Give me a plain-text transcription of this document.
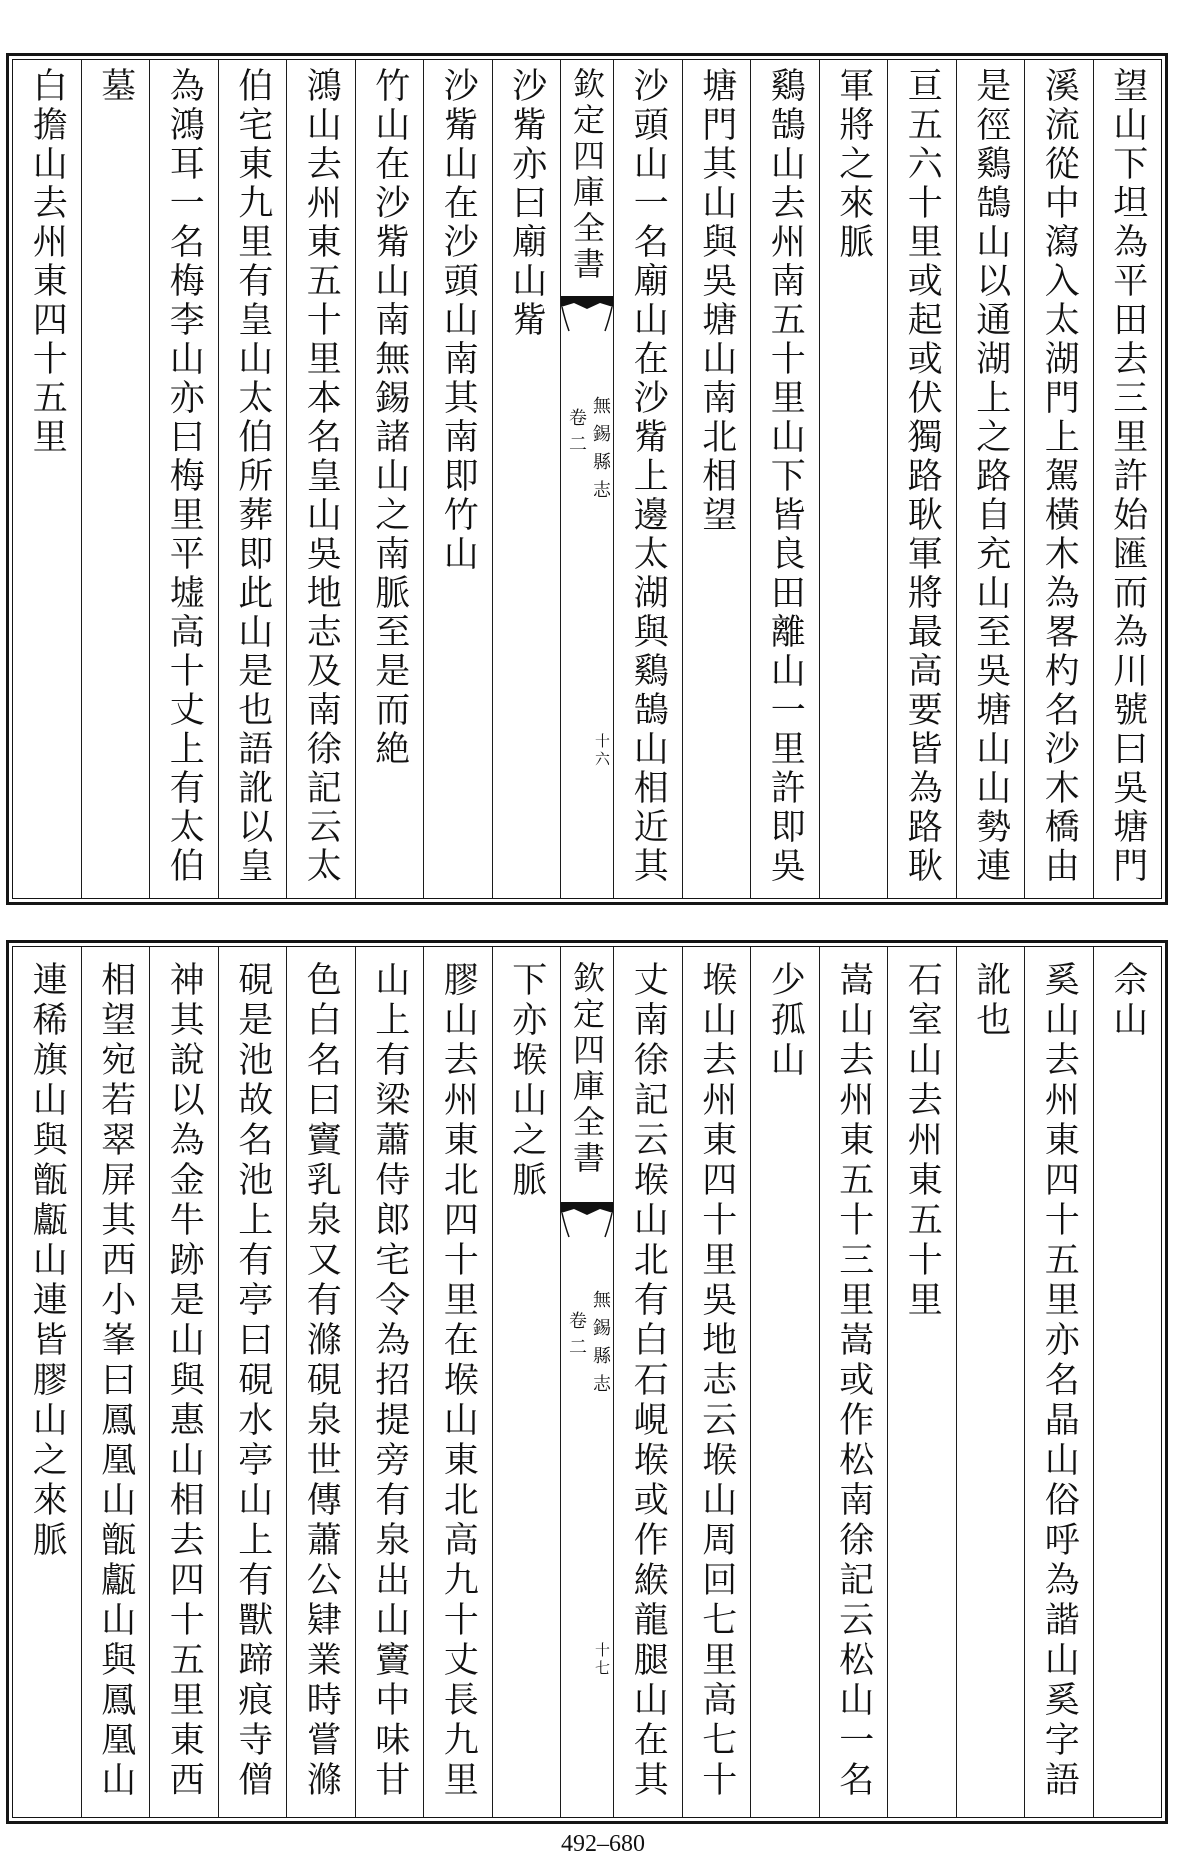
望山下坦為平田去三里許始匯而為川號曰吳塘門
溪流從中瀉入太湖門上駕橫木為畧杓名沙木橋由
是徑鷄鵠山以通湖上之路自充山至吳塘山山勢連
亘五六十里或起或伏獨路耿軍將最高要皆為路耿
軍將之來脈
鷄鵠山去州南五十里山下皆良田離山一里許即吳
塘門其山與吳塘山南北相望
沙頭山一名廟山在沙觜上邊太湖與鷄鵠山相近其
欽定四庫全書
無錫縣志
卷二
十六
沙觜亦曰廟山觜
沙觜山在沙頭山南其南即竹山
竹山在沙觜山南無錫諸山之南脈至是而絶
鴻山去州東五十里本名皇山吳地志及南徐記云太
伯宅東九里有皇山太伯所葬即此山是也語訛以皇
為鴻耳一名梅李山亦曰梅里平墟高十丈上有太伯
墓
白擔山去州東四十五里
佘山
奚山去州東四十五里亦名晶山俗呼為諧山奚字語
訛也
石室山去州東五十里
嵩山去州東五十三里嵩或作松南徐記云松山一名
少孤山
堠山去州東四十里吳地志云堠山周回七里高七十
丈南徐記云堠山北有白石峴堠或作緱龍腿山在其
欽定四庫全書
無錫縣志
卷二
十七
下亦堠山之脈
膠山去州東北四十里在堠山東北高九十丈長九里
山上有梁蕭侍郎宅令為招提旁有泉出山竇中味甘
色白名曰竇乳泉又有滌硯泉世傳蕭公肄業時嘗滌
硯是池故名池上有亭曰硯水亭山上有獸蹄痕寺僧
神其說以為金牛跡是山與惠山相去四十五里東西
相望宛若翠屏其西小峯曰鳳凰山甑甗山與鳳凰山
連稀旗山與甑甗山連皆膠山之來脈
492–680
